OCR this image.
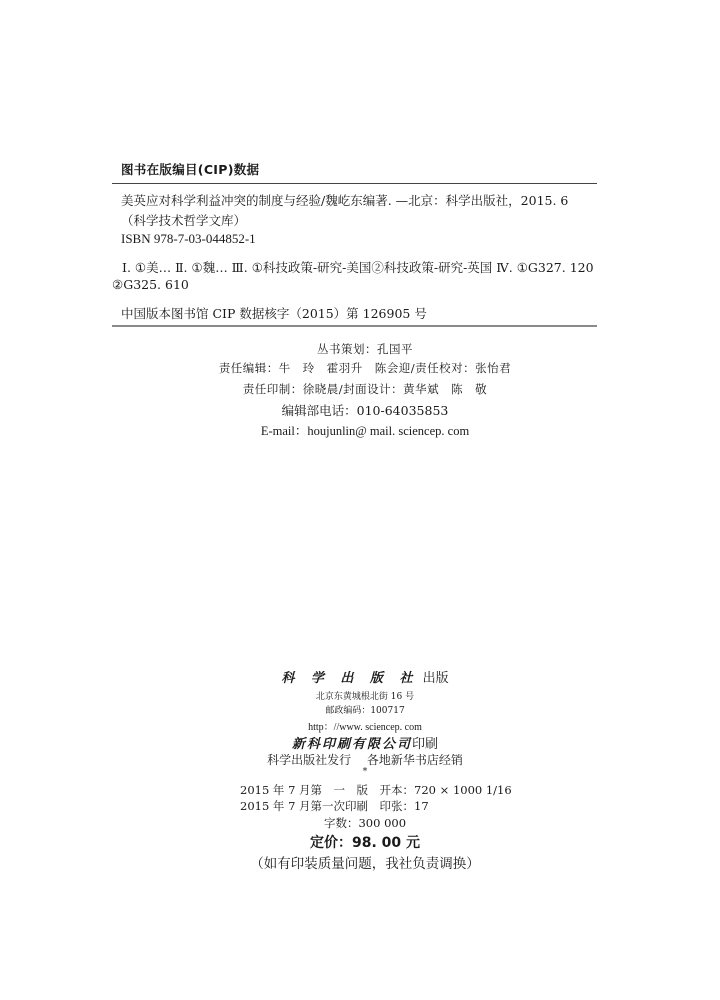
图书在版编目(CIP)数据
美英应对科学利益冲突的制度与经验/魏屹东编著. —北京：科学出版社，2015. 6
（科学技术哲学文库）
ISBN 978-7-03-044852-1
Ⅰ. ①美… Ⅱ. ①魏… Ⅲ. ①科技政策-研究-美国②科技政策-研究-英国 Ⅳ. ①G327. 120
②G325. 610
中国版本图书馆 CIP 数据核字（2015）第 126905 号
丛书策划：孔国平
责任编辑：牛　玲　霍羽升　陈会迎/责任校对：张怡君
责任印制：徐晓晨/封面设计：黄华斌　陈　敬
编辑部电话：010-64035853
E-mail：houjunlin@ mail. sciencep. com
科 学 出 版 社 出版
北京东黄城根北街 16 号
邮政编码：100717
http：//www. sciencep. com
新科印刷有限公司印刷
科学出版社发行　 各地新华书店经销
*
2015 年 7 月第　一　版　开本：720 × 1000 1/16
2015 年 7 月第一次印刷　印张：17
字数：300 000
定价：98. 00 元
（如有印装质量问题，我社负责调换）
